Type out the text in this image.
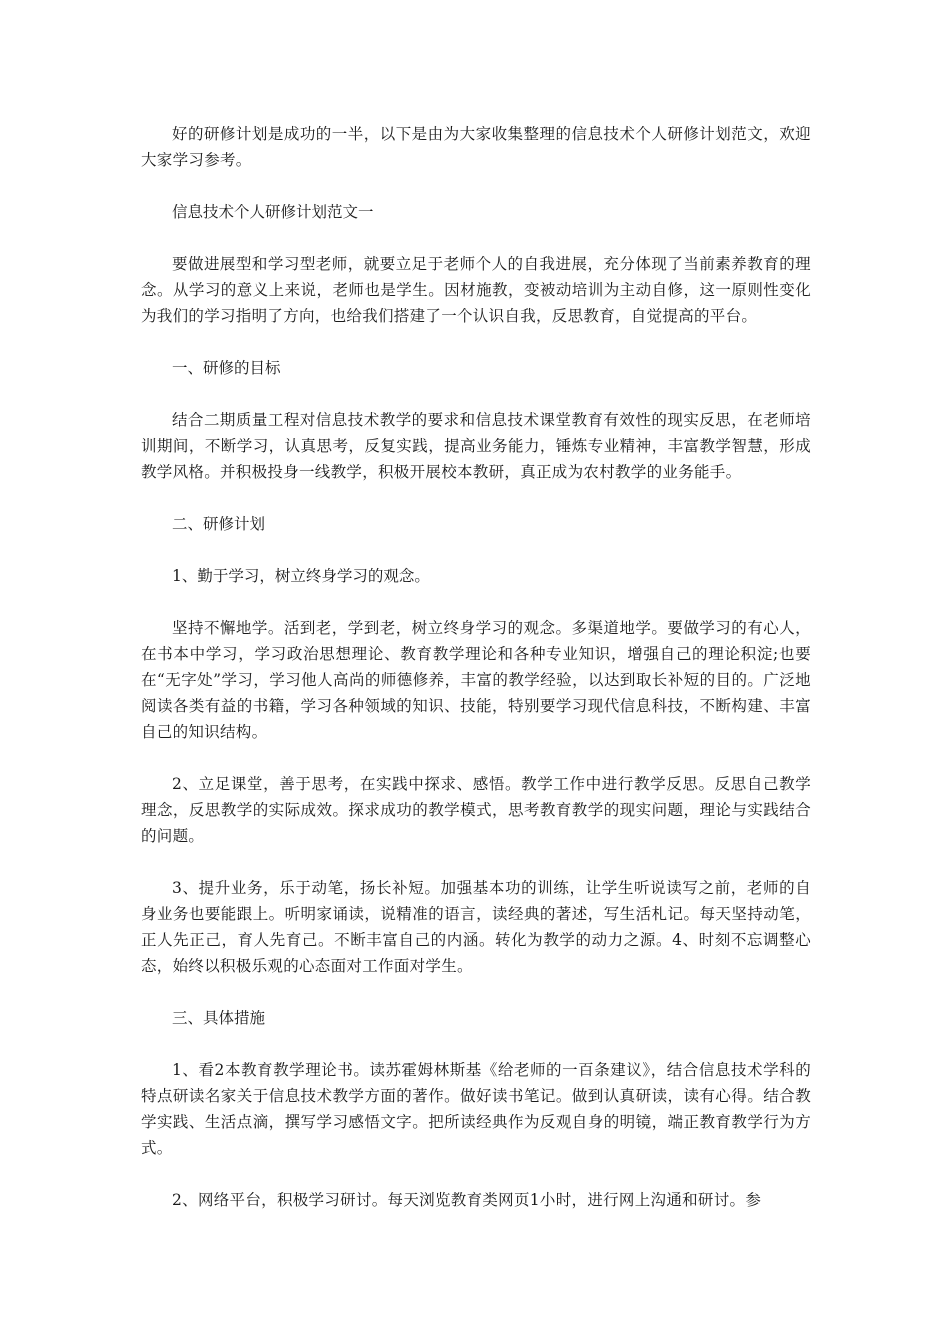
好的研修计划是成功的一半，以下是由为大家收集整理的信息技术个人研修计划范文，欢迎大家学习参考。

信息技术个人研修计划范文一

要做进展型和学习型老师，就要立足于老师个人的自我进展，充分体现了当前素养教育的理念。从学习的意义上来说，老师也是学生。因材施教，变被动培训为主动自修，这一原则性变化为我们的学习指明了方向，也给我们搭建了一个认识自我，反思教育，自觉提高的平台。

一、研修的目标

结合二期质量工程对信息技术教学的要求和信息技术课堂教育有效性的现实反思，在老师培训期间，不断学习，认真思考，反复实践，提高业务能力，锤炼专业精神，丰富教学智慧，形成教学风格。并积极投身一线教学，积极开展校本教研，真正成为农村教学的业务能手。

二、研修计划

1、勤于学习，树立终身学习的观念。

坚持不懈地学。活到老，学到老，树立终身学习的观念。多渠道地学。要做学习的有心人，在书本中学习，学习政治思想理论、教育教学理论和各种专业知识，增强自己的理论积淀;也要在“无字处”学习，学习他人高尚的师德修养，丰富的教学经验，以达到取长补短的目的。广泛地阅读各类有益的书籍，学习各种领域的知识、技能，特别要学习现代信息科技，不断构建、丰富自己的知识结构。

2、立足课堂，善于思考，在实践中探求、感悟。教学工作中进行教学反思。反思自己教学理念，反思教学的实际成效。探求成功的教学模式，思考教育教学的现实问题，理论与实践结合的问题。

3、提升业务，乐于动笔，扬长补短。加强基本功的训练，让学生听说读写之前，老师的自身业务也要能跟上。听明家诵读，说精准的语言，读经典的著述，写生活札记。每天坚持动笔，正人先正己，育人先育己。不断丰富自己的内涵。转化为教学的动力之源。4、时刻不忘调整心态，始终以积极乐观的心态面对工作面对学生。

三、具体措施

1、看2本教育教学理论书。读苏霍姆林斯基《给老师的一百条建议》，结合信息技术学科的特点研读名家关于信息技术教学方面的著作。做好读书笔记。做到认真研读，读有心得。结合教学实践、生活点滴，撰写学习感悟文字。把所读经典作为反观自身的明镜，端正教育教学行为方式。

2、网络平台，积极学习研讨。每天浏览教育类网页1小时，进行网上沟通和研讨。参
